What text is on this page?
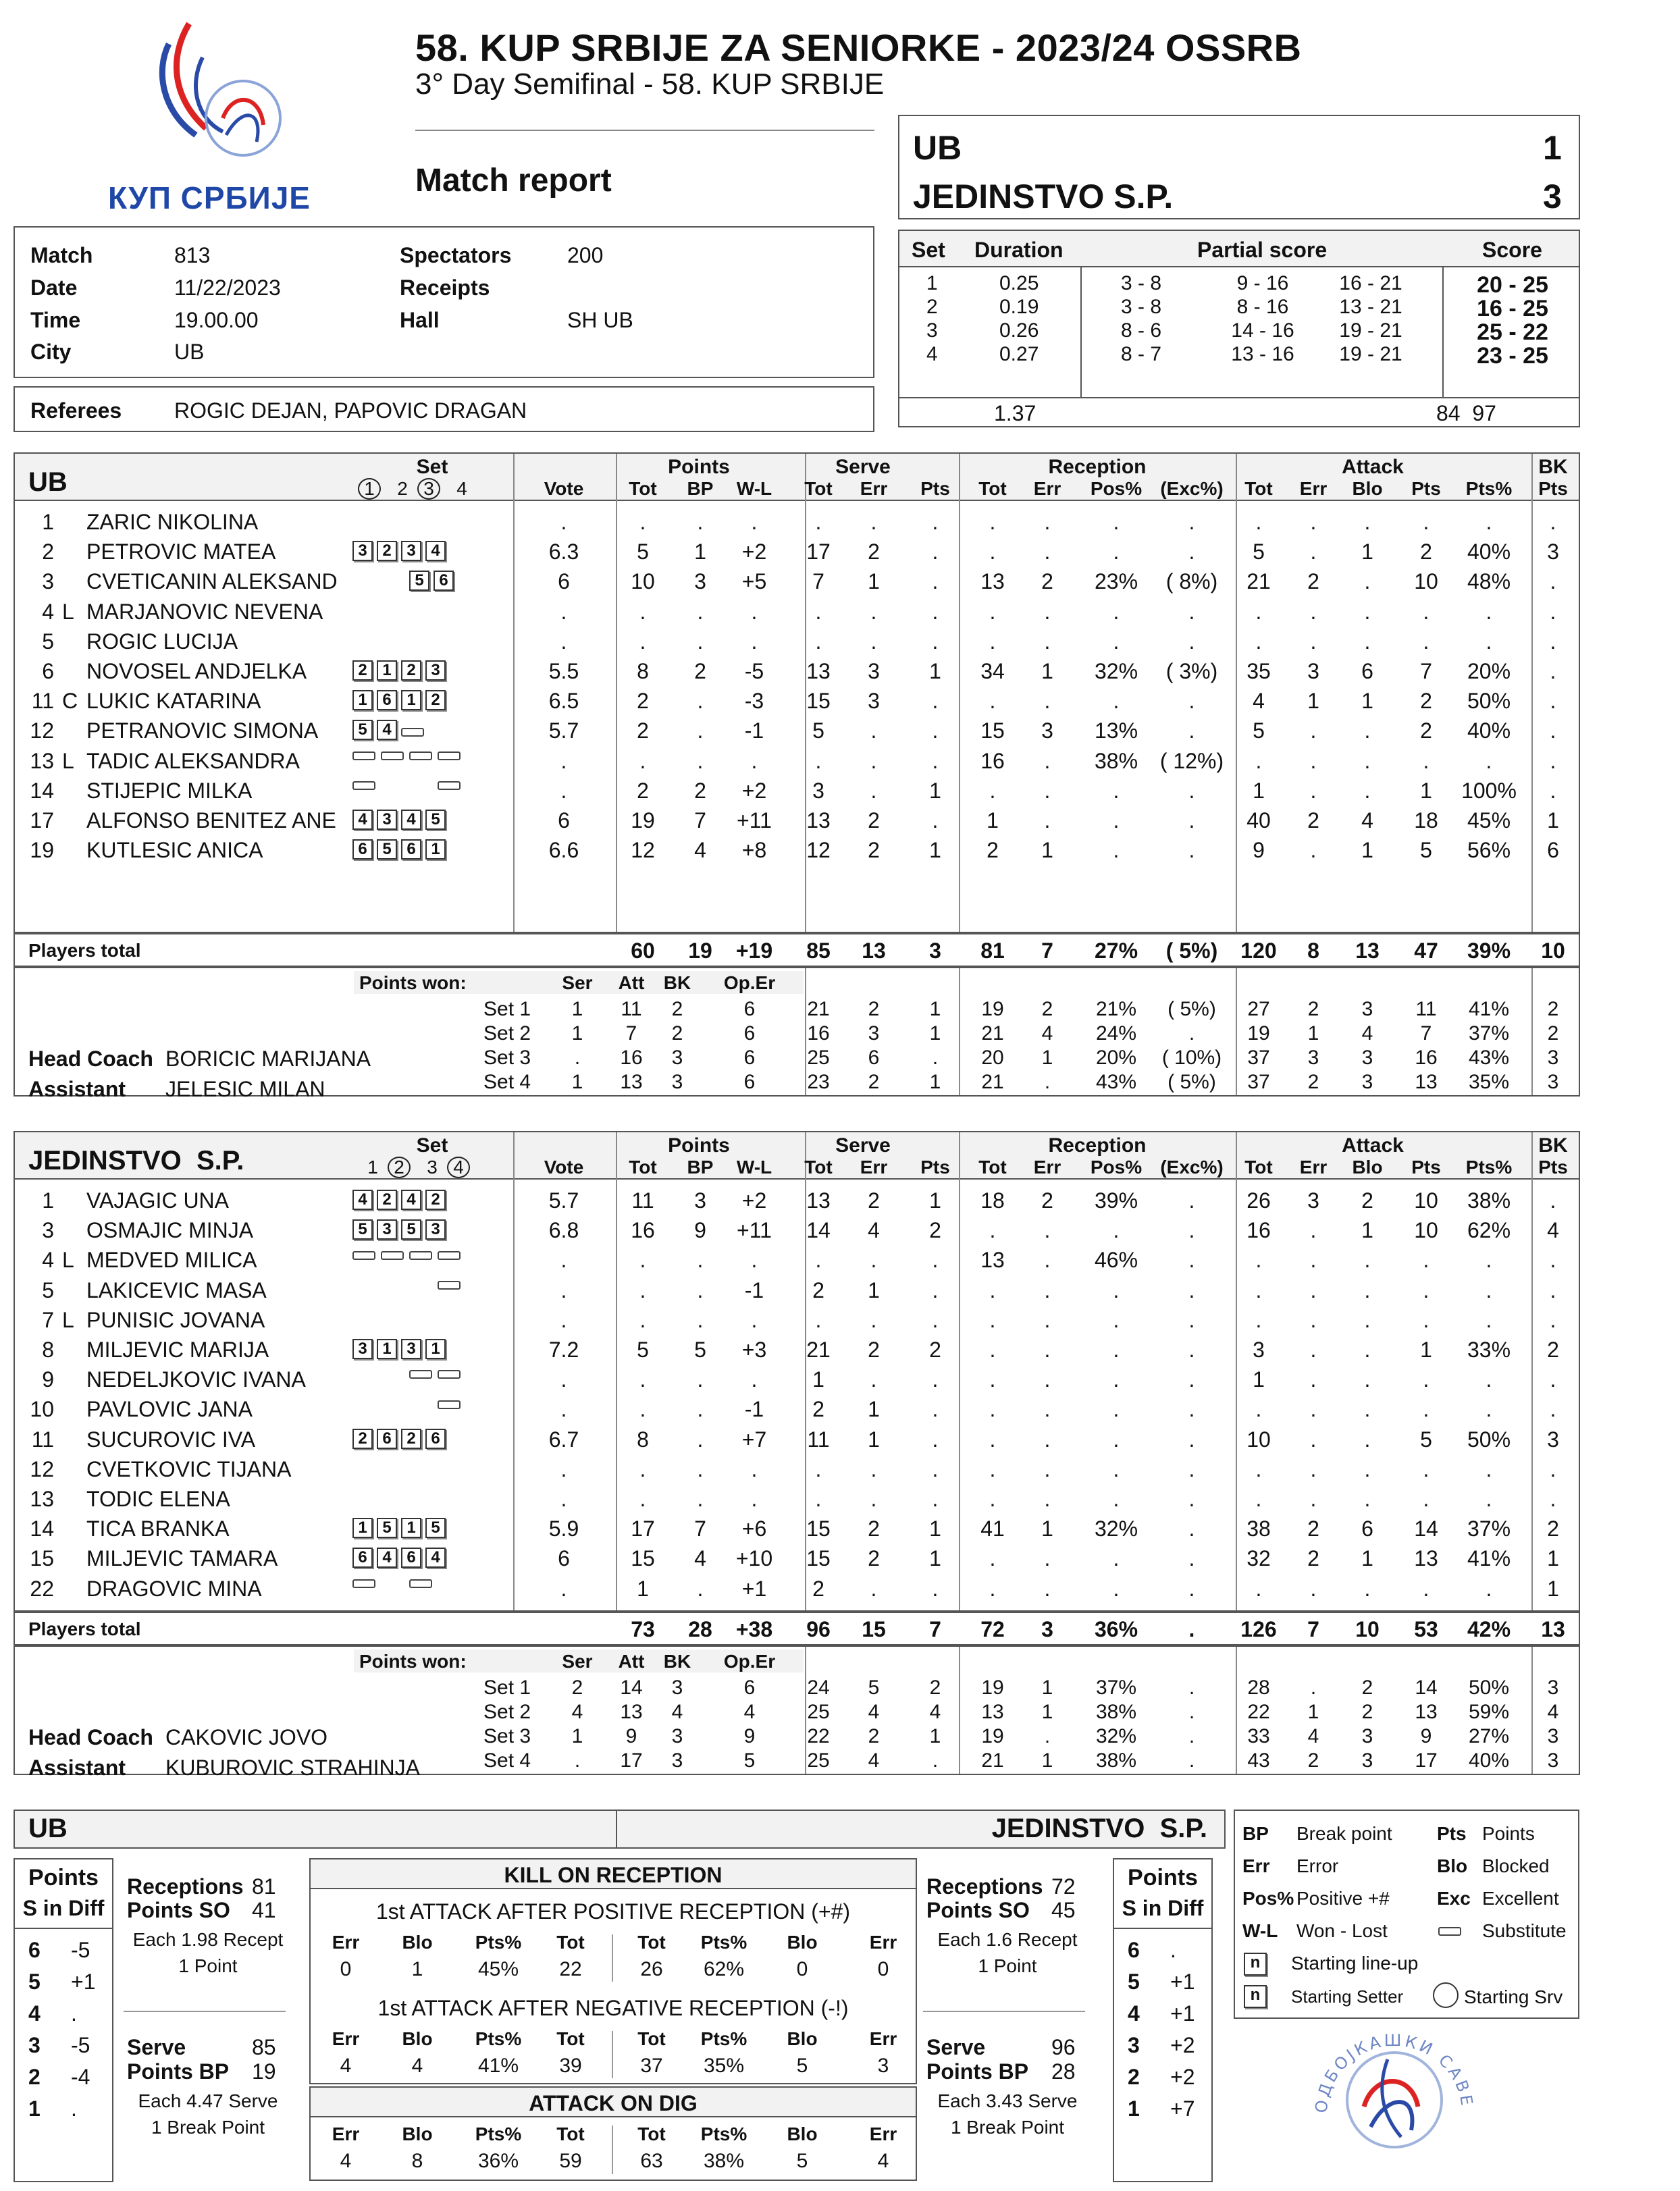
КУП СРБИЈЕ
58. KUP SRBIJE ZA SENIORKE - 2023/24 OSSRB
3° Day Semifinal - 58. KUP SRBIJE
Match report
UB	1
JEDINSTVO S.P.	3
Match	813
Date	11/22/2023
Time	19.00.00
City	UB
Spectators	200
Receipts
Hall	SH UB
Referees ROGIC DEJAN, PAPOVIC DRAGAN
Set Duration	Partial score	Score
1	0.25	3 - 8	9 - 16	16 - 21	20 - 25
2	0.19	3 - 8	8 - 16	13 - 21	16 - 25
3	0.26	8 - 6	14 - 16	19 - 21	25 - 22
4	0.27	8 - 7	13 - 16	19 - 21	23 - 25
1.37	84  97
UB
Set	Points	Serve	Reception	Attack	BK
1 2 3 4	Vote	Tot	BP	W-L	Tot	Err	Pts	Tot	Err	Pos% (Exc%)	Tot	Err	Blo	Pts	Pts%	Pts
1 ZARIC NIKOLINA	.	.	.	.	.	.	.	.	.	.	.	.	.	.	.	.	.
2 PETROVIC MATEA	3 2 3 4	6.3	5	1	+2	17	2	.	.	.	.	.	5	.	1	2	40%	3
3 CVETICANIN ALEKSAND	5 6	6	10	3	+5	7	1	.	13	2	23%	( 8%)	21	2	.	10	48%	.
4 L MARJANOVIC NEVENA	.	.	.	.	.	.	.	.	.	.	.	.	.	.	.	.	.
5 ROGIC LUCIJA	.	.	.	.	.	.	.	.	.	.	.	.	.	.	.	.	.
6 NOVOSEL ANDJELKA	2 1 2 3	5.5	8	2	-5	13	3	1	34	1	32%	( 3%)	35	3	6	7	20%	.
11 C LUKIC KATARINA	1 6 1 2	6.5	2	.	-3	15	3	.	.	.	.	.	4	1	1	2	50%	.
12 PETRANOVIC SIMONA	5 4	5.7	2	.	-1	5	.	.	15	3	13%	.	5	.	.	2	40%	.
13 L TADIC ALEKSANDRA	.	.	.	.	.	.	.	16	.	38%	( 12%)	.	.	.	.	.	.
14 STIJEPIC MILKA	.	2	2	+2	3	.	1	.	.	.	.	1	.	.	1	100%	.
17 ALFONSO BENITEZ ANE	4 3 4 5	6	19	7	+11	13	2	.	1	.	.	.	40	2	4	18	45%	1
19 KUTLESIC ANICA	6 5 6 1	6.6	12	4	+8	12	2	1	2	1	.	.	9	.	1	5	56%	6
Players total	60	19	+19	85	13	3	81	7	27%	( 5%)	120	8	13	47	39%	10
Points won:	Ser	Att	BK	Op.Er
Set 1	1	11	2	6	21	2	1	19	2	21%	( 5%)	27	2	3	11	41%	2
Set 2	1	7	2	6	16	3	1	21	4	24%	.	19	1	4	7	37%	2
Set 3	.	16	3	6	25	6	.	20	1	20%	( 10%)	37	3	3	16	43%	3
Set 4	1	13	3	6	23	2	1	21	.	43%	( 5%)	37	2	3	13	35%	3
Head Coach BORICIC MARIJANA
Assistant JELESIC MILAN
JEDINSTVO  S.P.
Set	Points	Serve	Reception	Attack	BK
1 2 3 4	Vote	Tot	BP	W-L	Tot	Err	Pts	Tot	Err	Pos% (Exc%)	Tot	Err	Blo	Pts	Pts%	Pts
1 VAJAGIC UNA	4 2 4 2	5.7	11	3	+2	13	2	1	18	2	39%	.	26	3	2	10	38%	.
3 OSMAJIC MINJA	5 3 5 3	6.8	16	9	+11	14	4	2	.	.	.	.	16	.	1	10	62%	4
4 L MEDVED MILICA	.	.	.	.	.	.	.	13	.	46%	.	.	.	.	.	.	.
5 LAKICEVIC MASA	.	.	.	-1	2	1	.	.	.	.	.	.	.	.	.	.	.
7 L PUNISIC JOVANA	.	.	.	.	.	.	.	.	.	.	.	.	.	.	.	.	.
8 MILJEVIC MARIJA	3 1 3 1	7.2	5	5	+3	21	2	2	.	.	.	.	3	.	.	1	33%	2
9 NEDELJKOVIC IVANA	.	.	.	.	1	.	.	.	.	.	.	1	.	.	.	.	.
10 PAVLOVIC JANA	.	.	.	-1	2	1	.	.	.	.	.	.	.	.	.	.	.
11 SUCUROVIC IVA	2 6 2 6	6.7	8	.	+7	11	1	.	.	.	.	.	10	.	.	5	50%	3
12 CVETKOVIC TIJANA	.	.	.	.	.	.	.	.	.	.	.	.	.	.	.	.	.
13 TODIC ELENA	.	.	.	.	.	.	.	.	.	.	.	.	.	.	.	.	.
14 TICA BRANKA	1 5 1 5	5.9	17	7	+6	15	2	1	41	1	32%	.	38	2	6	14	37%	2
15 MILJEVIC TAMARA	6 4 6 4	6	15	4	+10	15	2	1	.	.	.	.	32	2	1	13	41%	1
22 DRAGOVIC MINA	.	1	.	+1	2	.	.	.	.	.	.	.	.	.	.	.	1
Players total	73	28	+38	96	15	7	72	3	36%	.	126	7	10	53	42%	13
Points won:	Ser	Att	BK	Op.Er
Set 1	2	14	3	6	24	5	2	19	1	37%	.	28	.	2	14	50%	3
Set 2	4	13	4	4	25	4	4	13	1	38%	.	22	1	2	13	59%	4
Set 3	1	9	3	9	22	2	1	19	.	32%	.	33	4	3	9	27%	3
Set 4	.	17	3	5	25	4	.	21	1	38%	.	43	2	3	17	40%	3
Head Coach CAKOVIC JOVO
Assistant KUBUROVIC STRAHINJA
UB	JEDINSTVO  S.P.
Points
S in Diff
6 -5
5 +1
4 .
3 -5
2 -4
1 .
Points
S in Diff
6 .
5 +1
4 +1
3 +2
2 +2
1 +7
Receptions 81
Points SO 41
Each 1.98 Recept
1 Point
Serve	85
Points BP 19
Each 4.47 Serve
1 Break Point
Receptions 72
Points SO 45
Each 1.6 Recept
1 Point
Serve	96
Points BP 28
Each 3.43 Serve
1 Break Point
KILL ON RECEPTION
1st ATTACK AFTER POSITIVE RECEPTION (+#)
Err	Blo	Pts%	Tot	Tot	Pts%	Blo	Err
0	1	45%	22	26	62%	0	0
1st ATTACK AFTER NEGATIVE RECEPTION (-!)
Err	Blo	Pts%	Tot	Tot	Pts%	Blo	Err
4	4	41%	39	37	35%	5	3
ATTACK ON DIG
Err	Blo	Pts%	Tot	Tot	Pts%	Blo	Err
4	8	36%	59	63	38%	5	4
BP Break point Pts Points
Err Error	Blo Blocked
Pos% Positive +#	Exc Excellent
W-L Won - Lost	Substitute
n	Starting line-up
n	Starting Setter	Starting Srv
ОДБОЈКАШКИ САВЕ
